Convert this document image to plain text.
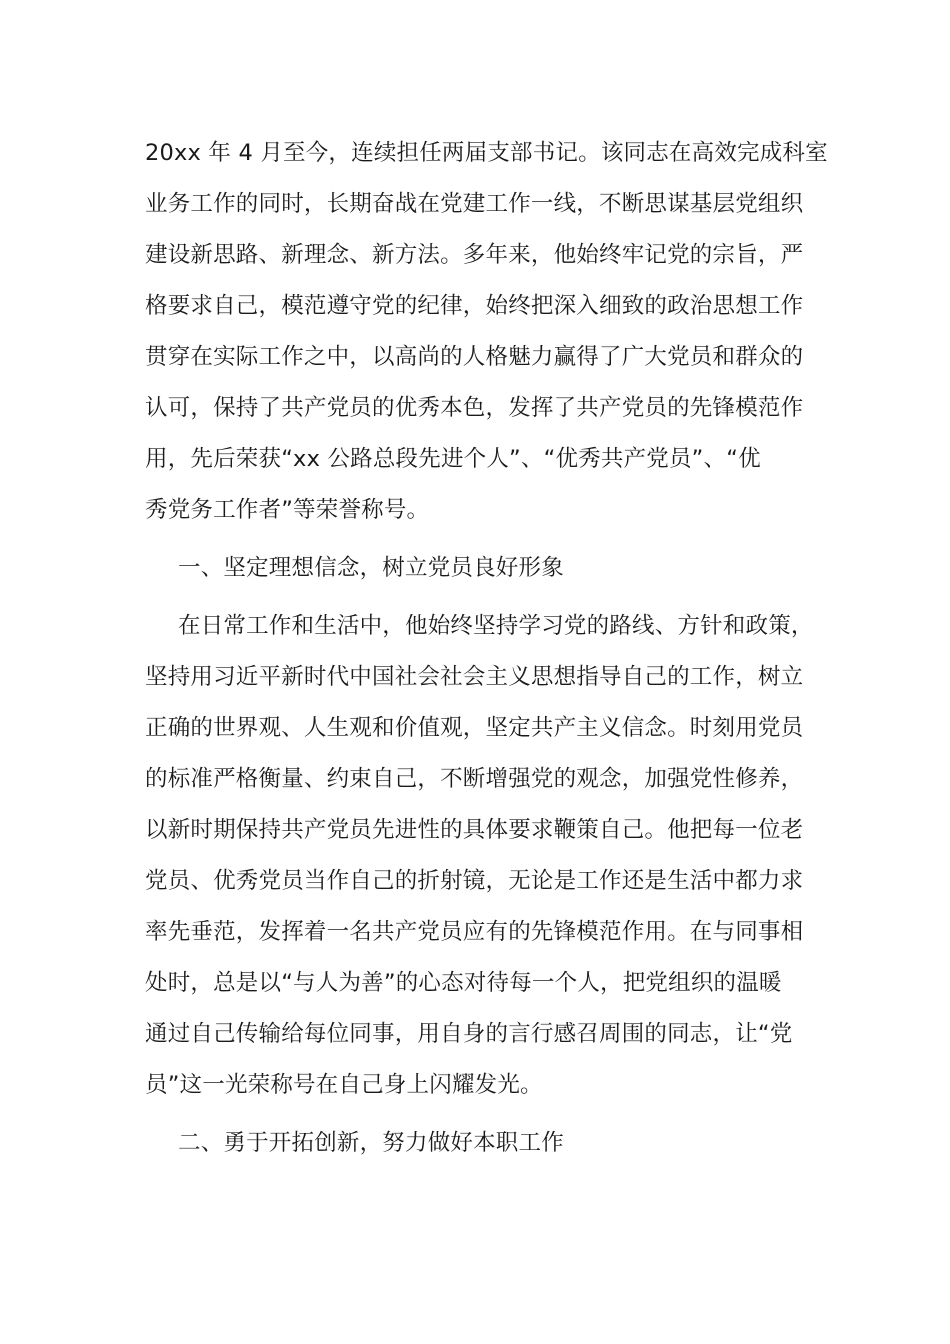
20xx 年 4 月至今，连续担任两届支部书记。该同志在高效完成科室
业务工作的同时，长期奋战在党建工作一线，不断思谋基层党组织
建设新思路、新理念、新方法。多年来，他始终牢记党的宗旨，严
格要求自己，模范遵守党的纪律，始终把深入细致的政治思想工作
贯穿在实际工作之中，以高尚的人格魅力赢得了广大党员和群众的
认可，保持了共产党员的优秀本色，发挥了共产党员的先锋模范作
用，先后荣获“xx 公路总段先进个人”、“优秀共产党员”、“优
秀党务工作者”等荣誉称号。
一、坚定理想信念，树立党员良好形象
在日常工作和生活中，他始终坚持学习党的路线、方针和政策，
坚持用习近平新时代中国社会社会主义思想指导自己的工作，树立
正确的世界观、人生观和价值观，坚定共产主义信念。时刻用党员
的标准严格衡量、约束自己，不断增强党的观念，加强党性修养，
以新时期保持共产党员先进性的具体要求鞭策自己。他把每一位老
党员、优秀党员当作自己的折射镜，无论是工作还是生活中都力求
率先垂范，发挥着一名共产党员应有的先锋模范作用。在与同事相
处时，总是以“与人为善”的心态对待每一个人，把党组织的温暖
通过自己传输给每位同事，用自身的言行感召周围的同志，让“党
员”这一光荣称号在自己身上闪耀发光。
二、勇于开拓创新，努力做好本职工作
